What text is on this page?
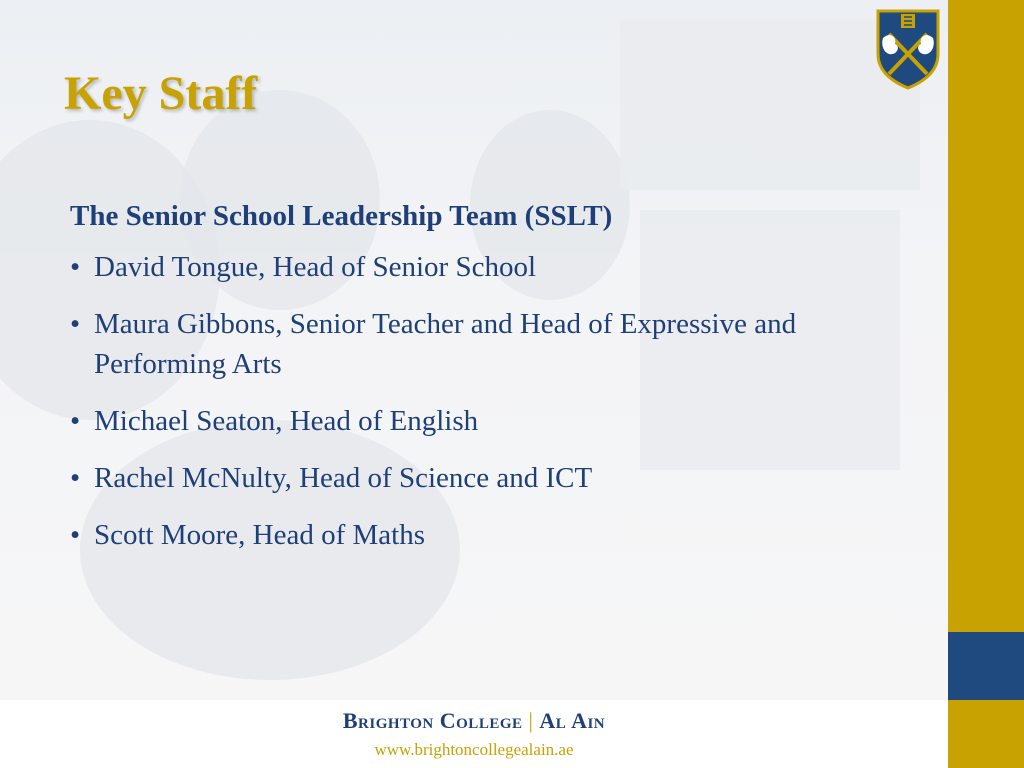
Key Staff

The Senior School Leadership Team (SSLT)

• David Tongue, Head of Senior School
• Maura Gibbons, Senior Teacher and Head of Expressive and Performing Arts
• Michael Seaton, Head of English
• Rachel McNulty, Head of Science and ICT
• Scott Moore, Head of Maths
Brighton College | Al Ain
www.brightoncollegealain.ae
